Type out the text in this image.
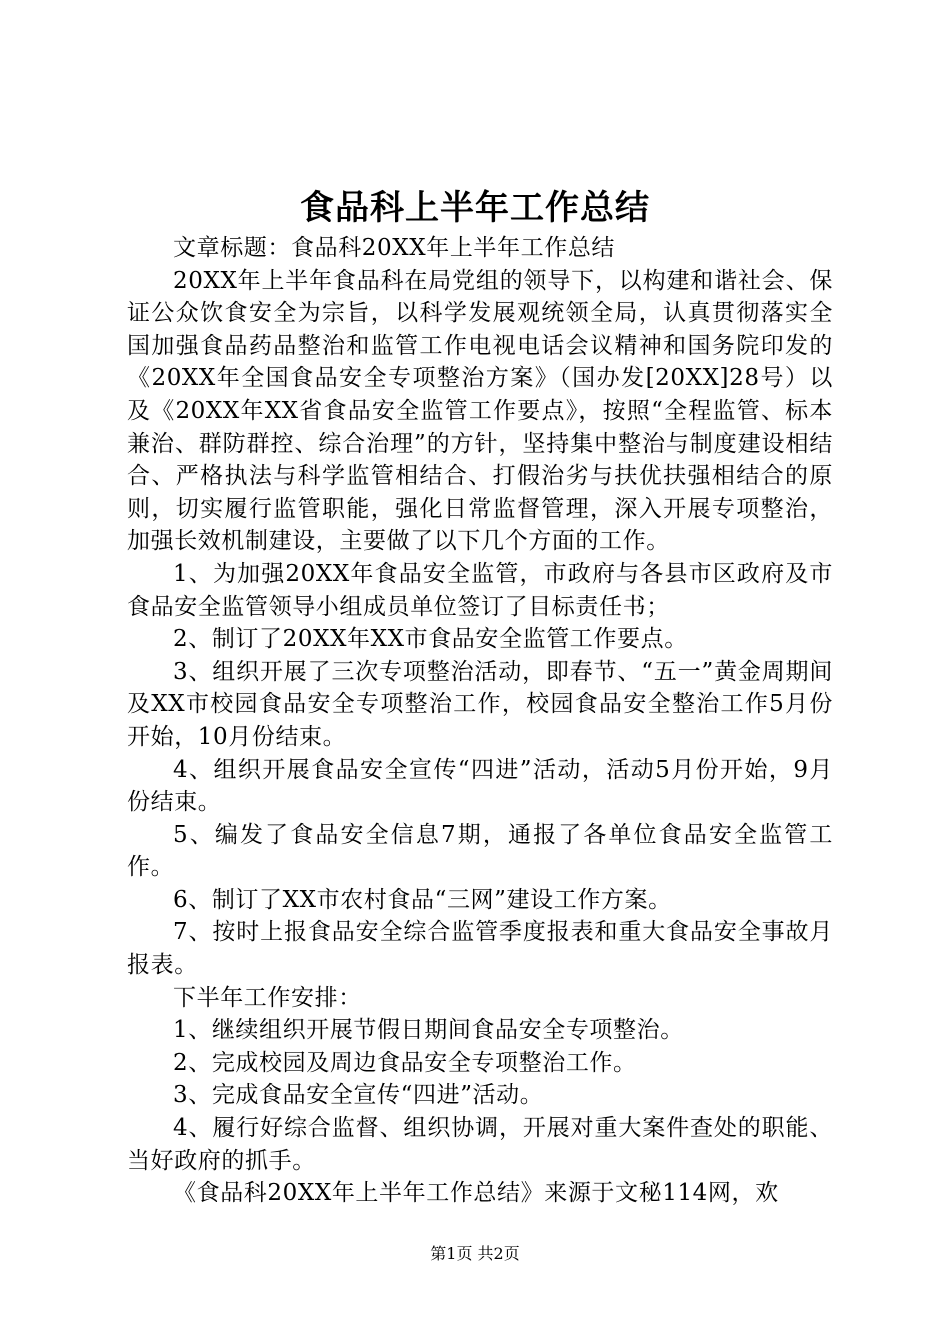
食品科上半年工作总结

文章标题：食品科20XX年上半年工作总结

20XX年上半年食品科在局党组的领导下，以构建和谐社会、保证公众饮食安全为宗旨，以科学发展观统领全局，认真贯彻落实全国加强食品药品整治和监管工作电视电话会议精神和国务院印发的《20XX年全国食品安全专项整治方案》（国办发[20XX]28号）以及《20XX年XX省食品安全监管工作要点》，按照“全程监管、标本兼治、群防群控、综合治理”的方针，坚持集中整治与制度建设相结合、严格执法与科学监管相结合、打假治劣与扶优扶强相结合的原则，切实履行监管职能，强化日常监督管理，深入开展专项整治，加强长效机制建设，主要做了以下几个方面的工作。

1、为加强20XX年食品安全监管，市政府与各县市区政府及市食品安全监管领导小组成员单位签订了目标责任书；

2、制订了20XX年XX市食品安全监管工作要点。

3、组织开展了三次专项整治活动，即春节、“五一”黄金周期间及XX市校园食品安全专项整治工作，校园食品安全整治工作5月份开始，10月份结束。

4、组织开展食品安全宣传“四进”活动，活动5月份开始，9月份结束。

5、编发了食品安全信息7期，通报了各单位食品安全监管工作。

6、制订了XX市农村食品“三网”建设工作方案。

7、按时上报食品安全综合监管季度报表和重大食品安全事故月报表。

下半年工作安排：

1、继续组织开展节假日期间食品安全专项整治。

2、完成校园及周边食品安全专项整治工作。

3、完成食品安全宣传“四进”活动。

4、履行好综合监督、组织协调，开展对重大案件查处的职能、当好政府的抓手。

《食品科20XX年上半年工作总结》来源于文秘114网，欢

第1页 共2页
